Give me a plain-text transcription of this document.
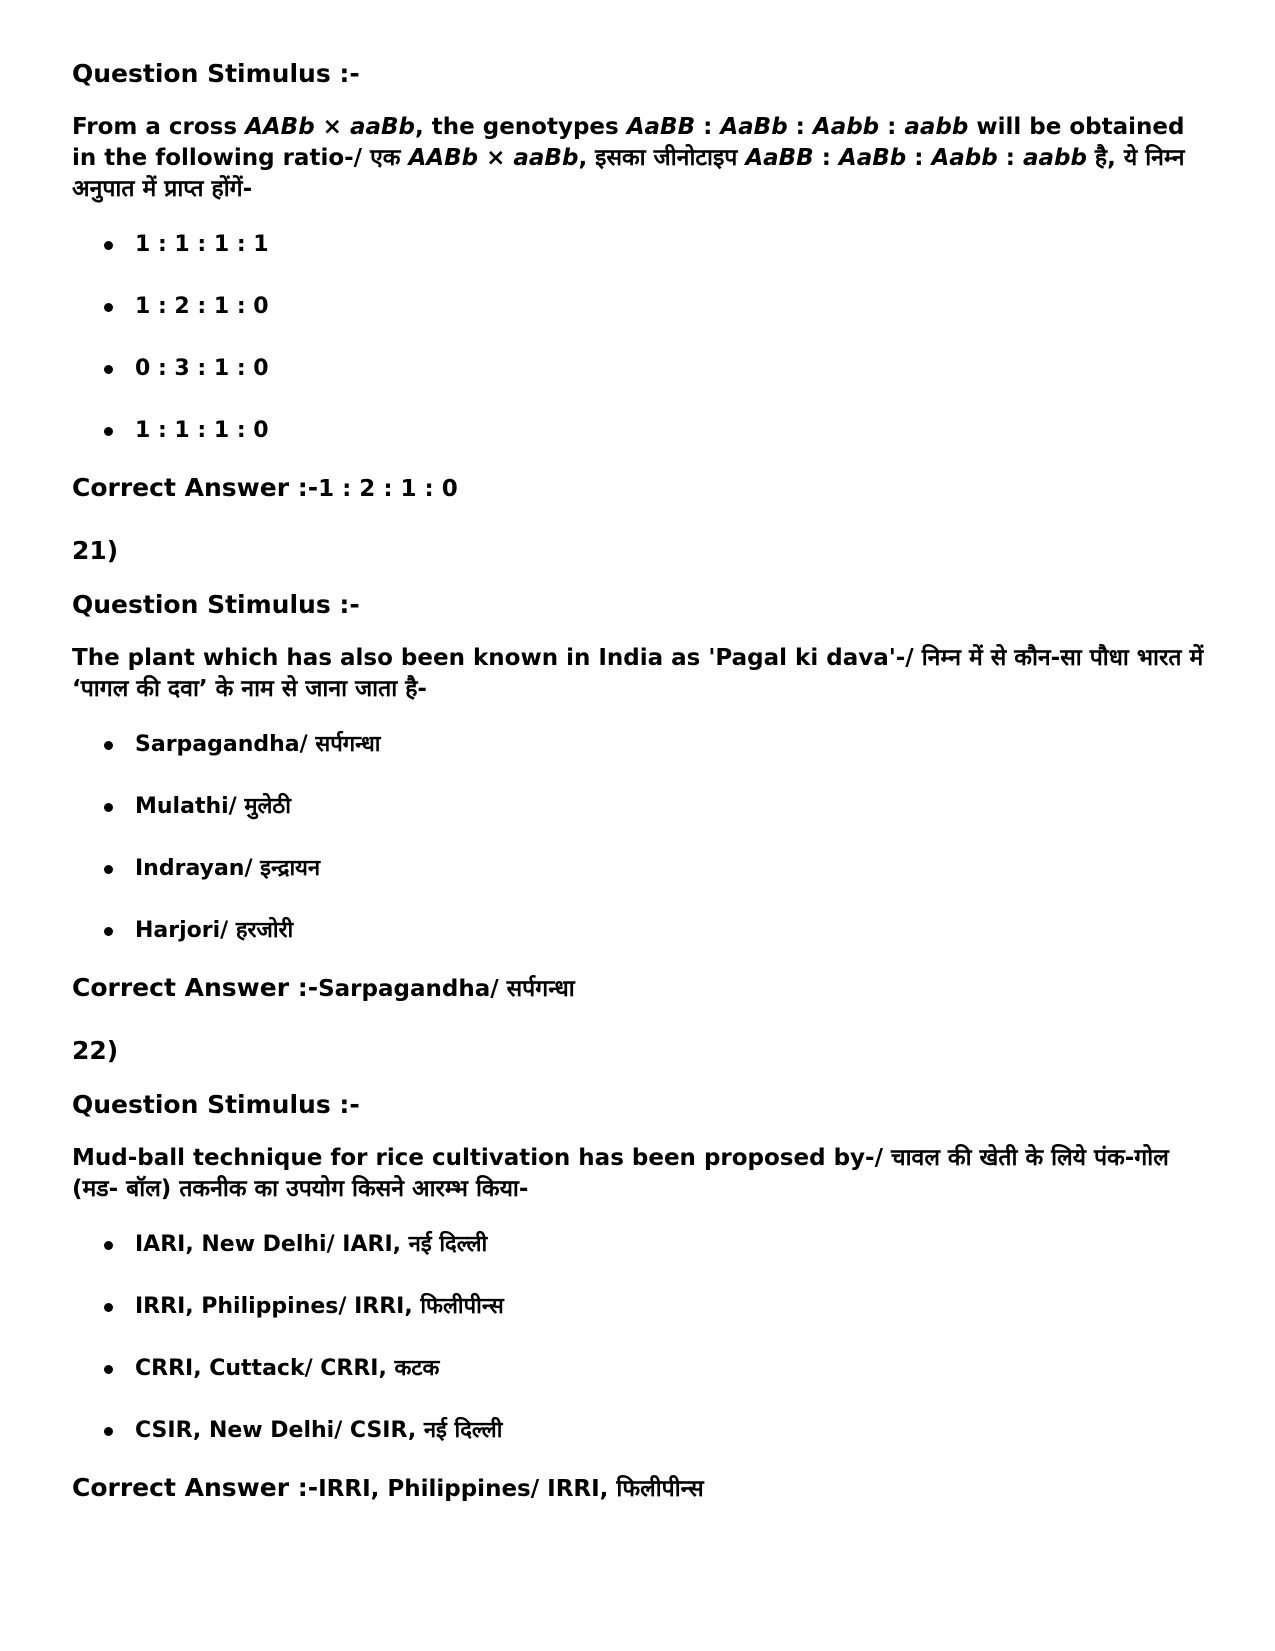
Question Stimulus :-

From a cross AABb × aaBb, the genotypes AaBB : AaBb : Aabb : aabb will be obtained in the following ratio-/ एक AABb × aaBb, इसका जीनोटाइप AaBB : AaBb : Aabb : aabb है, ये निम्न अनुपात में प्राप्त होंगें-

1 : 1 : 1 : 1
1 : 2 : 1 : 0
0 : 3 : 1 : 0
1 : 1 : 1 : 0

Correct Answer :-1 : 2 : 1 : 0

21)

Question Stimulus :-

The plant which has also been known in India as 'Pagal ki dava'-/ निम्न में से कौन-सा पौधा भारत में ‘पागल की दवा’ के नाम से जाना जाता है-

Sarpagandha/ सर्पगन्धा
Mulathi/ मुलेठी
Indrayan/ इन्द्रायन
Harjori/ हरजोरी

Correct Answer :-Sarpagandha/ सर्पगन्धा

22)

Question Stimulus :-

Mud-ball technique for rice cultivation has been proposed by-/ चावल की खेती के लिये पंक-गोल (मड- बॉल) तकनीक का उपयोग किसने आरम्भ किया-

IARI, New Delhi/ IARI, नई दिल्ली
IRRI, Philippines/ IRRI, फिलीपीन्स
CRRI, Cuttack/ CRRI, कटक
CSIR, New Delhi/ CSIR, नई दिल्ली

Correct Answer :-IRRI, Philippines/ IRRI, फिलीपीन्स
